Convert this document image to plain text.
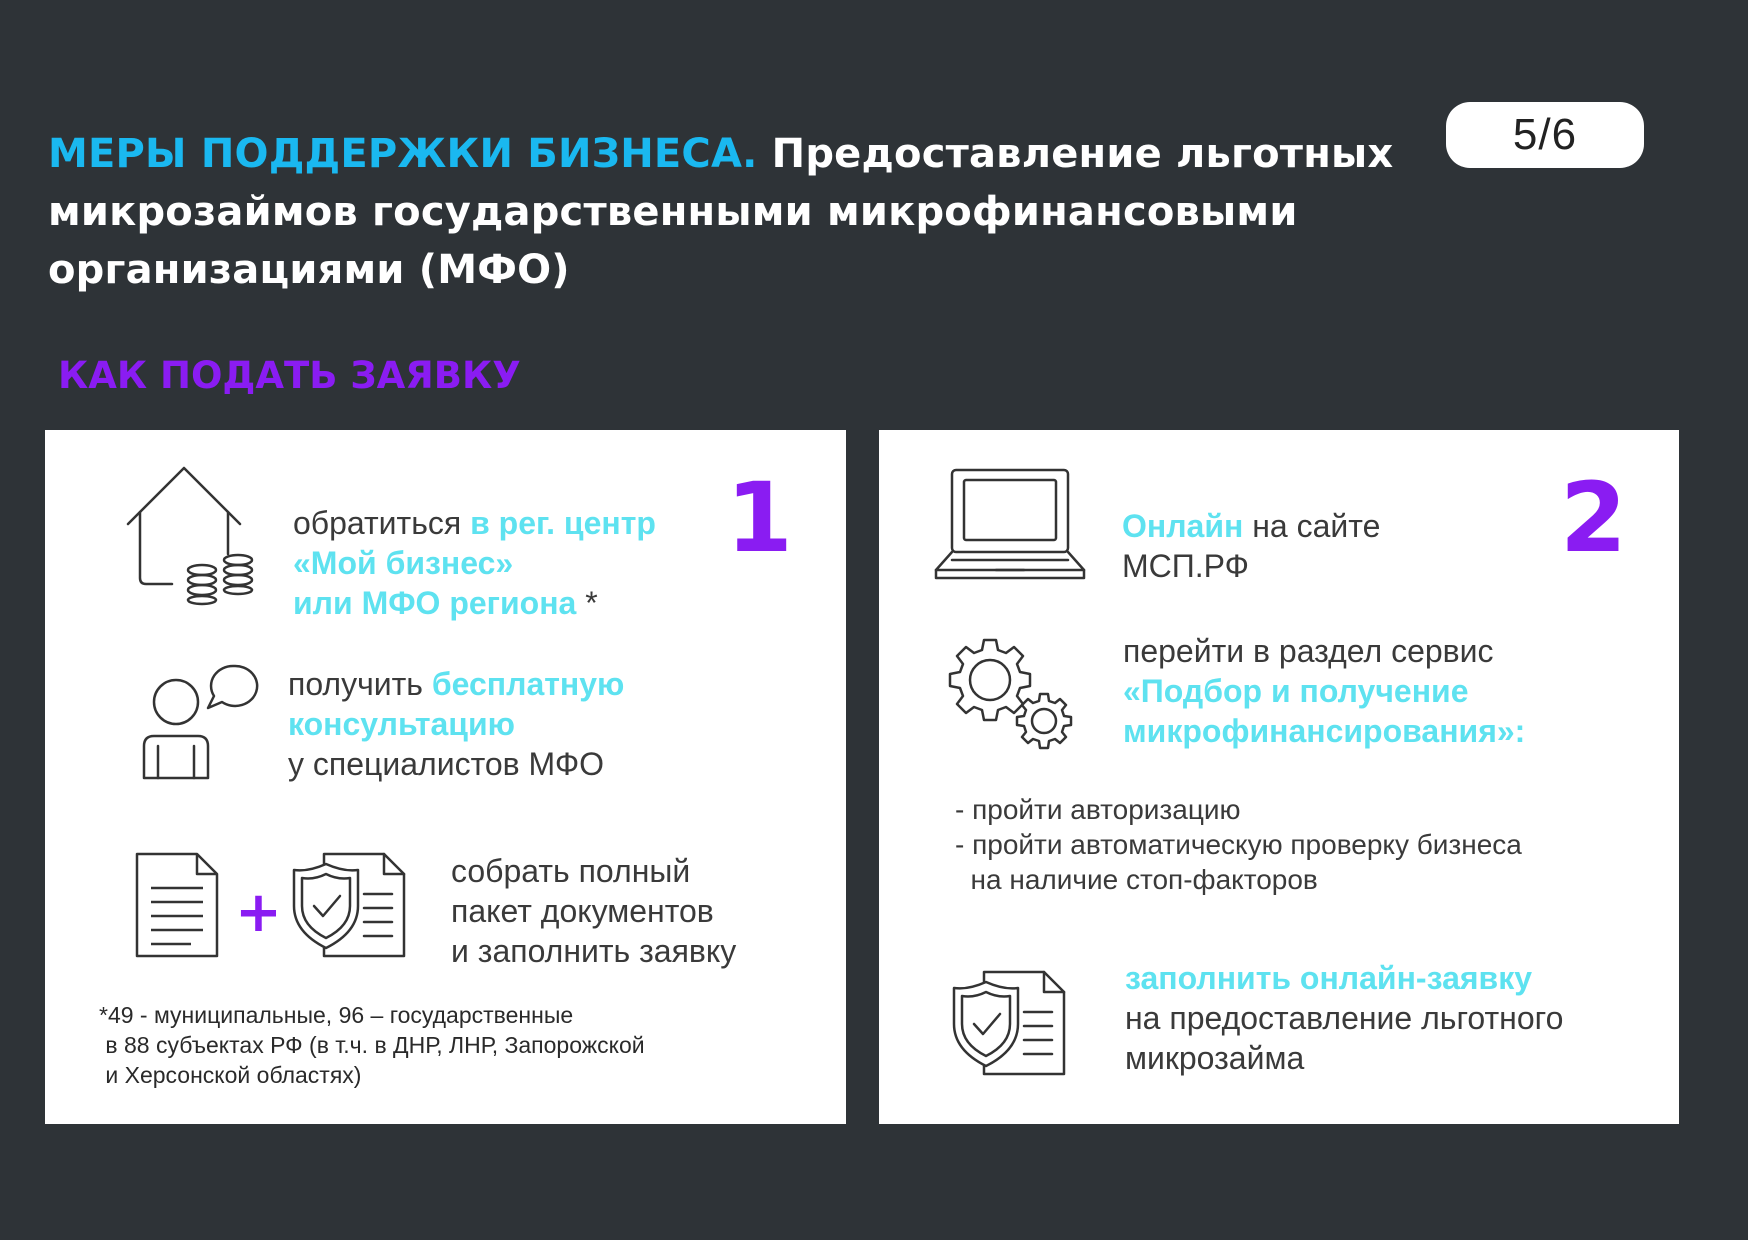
МЕРЫ ПОДДЕРЖКИ БИЗНЕСА. Предоставление льготных
микрозаймов государственными микрофинансовыми
организациями (МФО)
5/6
КАК ПОДАТЬ ЗАЯВКУ
1
обратиться в рег. центр
«Мой бизнес»
или МФО региона *
получить бесплатную
консультацию
у специалистов МФО
+
собрать полный
пакет документов
и заполнить заявку
*49 - муниципальные, 96 – государственные
в 88 субъектах РФ (в т.ч. в ДНР, ЛНР, Запорожской
и Херсонской областях)
2
Онлайн на сайте
МСП.РФ
перейти в раздел сервис
«Подбор и получение
микрофинансирования»:
- пройти авторизацию
- пройти автоматическую проверку бизнеса
на наличие стоп-факторов
заполнить онлайн-заявку
на предоставление льготного
микрозайма
